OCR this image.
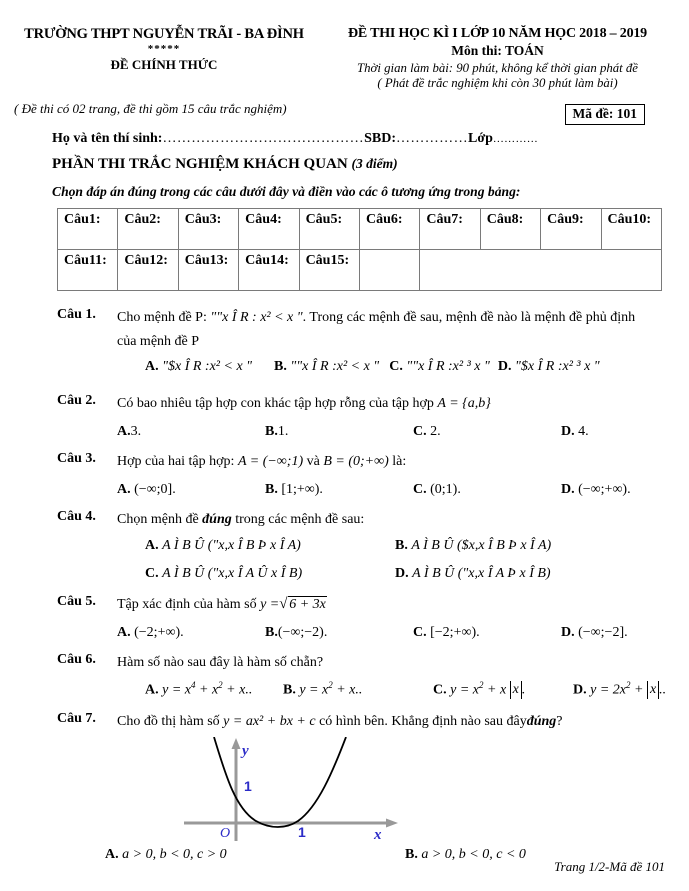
TRƯỜNG THPT NGUYỄN TRÃI - BA ĐÌNH
*****
ĐỀ CHÍNH THỨC
ĐỀ THI HỌC KÌ I LỚP 10 NĂM HỌC 2018 – 2019
Môn thi: TOÁN
Thời gian làm bài: 90 phút, không kể thời gian phát đề
( Phát đề trắc nghiệm khi còn 30 phút làm bài)
( Đề thi có 02 trang, đề thi gồm 15 câu trắc nghiệm)	Mã đề: 101
Họ và tên thí sinh:……………………………………SBD:……………Lớp…………
PHẦN THI TRẮC NGHIỆM KHÁCH QUAN (3 điểm)
Chọn đáp án đúng trong các câu dưới đây và điền vào các ô tương ứng trong bảng:
Câu1:	Câu2:	Câu3:	Câu4:	Câu5:	Câu6:	Câu7:	Câu8:	Câu9:	Câu10:
Câu11:	Câu12:	Câu13:	Câu14:	Câu15:					
Câu 1. Cho mệnh đề P: ""x Î R : x² < x ". Trong các mệnh đề sau, mệnh đề nào là mệnh đề phủ định
của mệnh đề P
A. "$x Î R :x² < x " B. ""x Î R :x² < x " C. ""x Î R :x² ³ x " D. "$x Î R :x² ³ x "
Câu 2. Có bao nhiêu tập hợp con khác tập hợp rỗng của tập hợp A = {a,b}
A.3.	B.1.	C. 2.	D. 4.
Câu 3. Hợp của hai tập hợp: A = (−∞;1) và B = (0;+∞) là:
A. (−∞;0].	B. [1;+∞).	C. (0;1).	D. (−∞;+∞).
Câu 4. Chọn mệnh đề đúng trong các mệnh đề sau:
A. A Ì B Û ("x,x Î B Þ x Î A)	B. A Ì B Û ($x,x Î B Þ x Î A)
C. A Ì B Û ("x,x Î A Û x Î B)	D. A Ì B Û ("x,x Î A Þ x Î B)
Câu 5. Tập xác định của hàm số y = √ 6 + 3x
A. (−2;+∞).	B.(−∞;−2).	C. [−2;+∞).	D. (−∞;−2].
Câu 6. Hàm số nào sau đây là hàm số chẵn?
A. $y = x^4 + x^2 + x$..	B. $y = x^2 + x$..	C. $y = x^2 + x$ x .	D. $y = 2x^2 + x$ ..
Câu 7. Cho đồ thị hàm số y = ax² + bx + c có hình bên. Khẳng định nào sau đâyđúng?
1
O	1	x
y
A. a > 0, b < 0, c > 0	B. a > 0, b < 0, c < 0
Trang 1/2-Mã đề 101
